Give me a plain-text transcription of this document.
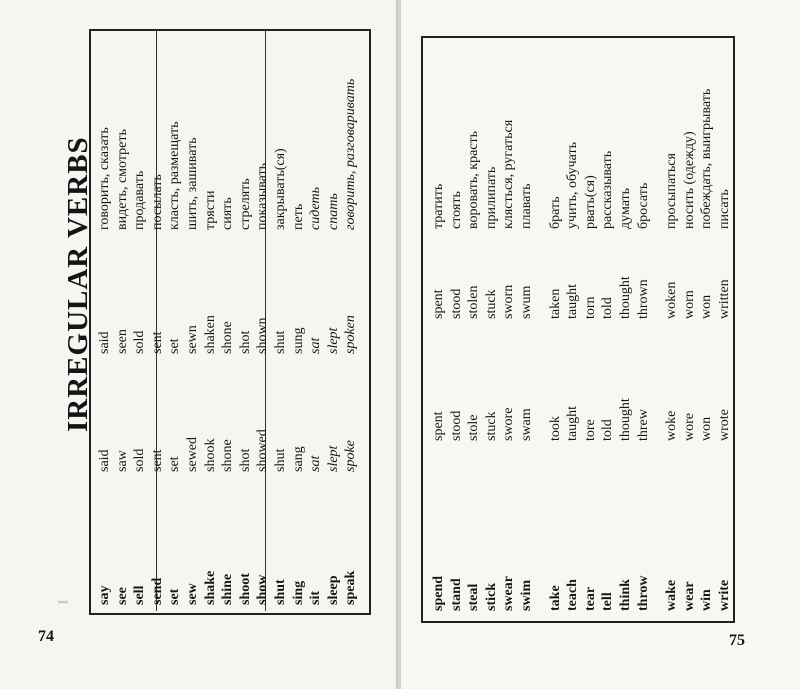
I
IRREGULAR VERBS
say
said
said
говорить, сказать
see
saw
seen
видеть, смотреть
sell
sold
sold
продавать
send
sent
sent
посылать
set
set
set
класть, размещать
sew
sewed
sewn
шить, зашивать
shake
shook
shaken
трясти
shine
shone
shone
сиять
shoot
shot
shot
стрелять
show
showed
shown
показывать
shut
shut
shut
закрывать(ся)
sing
sang
sung
петь
sit
sat
sat
сидеть
sleep
slept
slept
спать
speak
spoke
spoken
говорить, разговаривать
74
spend
spent
spent
тратить
stand
stood
stood
стоять
steal
stole
stolen
воровать, красть
stick
stuck
stuck
прилипать
swear
swore
sworn
клясться, ругаться
swim
swam
swum
плавать
take
took
taken
брать
teach
taught
taught
учить, обучать
tear
tore
torn
рвать(ся)
tell
told
told
рассказывать
think
thought
thought
думать
throw
threw
thrown
бросать
wake
woke
woken
просыпаться
wear
wore
worn
носить (одежду)
win
won
won
побеждать, выигрывать
write
wrote
written
писать
75
